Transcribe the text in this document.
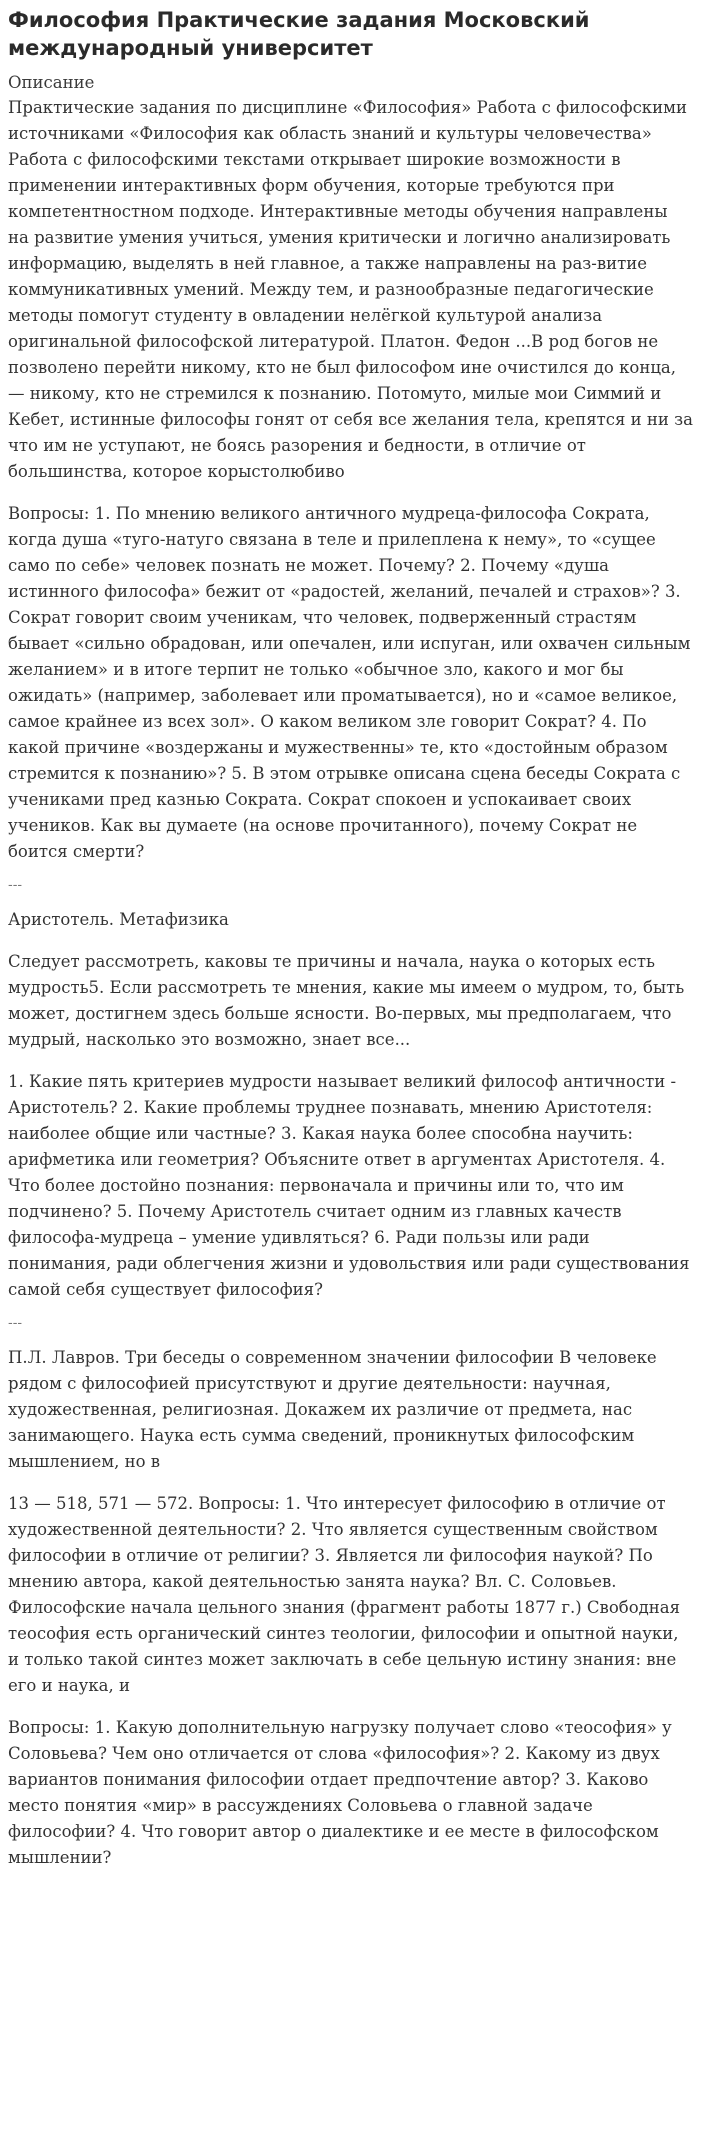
Философия Практические задания Московский международный университет
Описание

Практические задания по дисциплине «Философия» Работа с философскими источниками «Философия как область знаний и культуры человечества» Работа с философскими текстами открывает широкие возможности в применении интерактивных форм обучения, которые требуются при компетентностном подходе. Интерактивные методы обучения направлены на развитие умения учиться, умения критически и логично анализировать информацию, выделять в ней главное, а также направлены на раз-витие коммуникативных умений. Между тем, и разнообразные педагогические методы помогут студенту в овладении нелёгкой культурой анализа оригинальной философской литературой. Платон. Федон ...В род богов не позволено перейти никому, кто не был философом ине очистился до конца, — никому, кто не стремился к познанию. Потомуто, милые мои Симмий и Кебет, истинные философы гонят от себя все желания тела, крепятся и ни за что им не уступают, не боясь разорения и бедности, в отличие от большинства, которое корыстолюбиво

Вопросы: 1. По мнению великого античного мудреца-философа Сократа, когда душа «туго-натуго связана в теле и прилеплена к нему», то «сущее само по себе» человек познать не может. Почему? 2. Почему «душа истинного философа» бежит от «радостей, желаний, печалей и страхов»? 3. Сократ говорит своим ученикам, что человек, подверженный страстям бывает «сильно обрадован, или опечален, или испуган, или охвачен сильным желанием» и в итоге терпит не только «обычное зло, какого и мог бы ожидать» (например, заболевает или проматывается), но и «самое великое, самое крайнее из всех зол». О каком великом зле говорит Сократ? 4. По какой причине «воздержаны и мужественны» те, кто «достойным образом стремится к познанию»? 5. В этом отрывке описана сцена беседы Сократа с учениками пред казнью Сократа. Сократ спокоен и успокаивает своих учеников. Как вы думаете (на основе прочитанного), почему Сократ не боится смерти?

---

Аристотель. Метафизика

Следует рассмотреть, каковы те причины и начала, наука о которых есть мудрость5. Если рассмотреть те мнения, какие мы имеем о мудром, то, быть может, достигнем здесь больше ясности. Во-первых, мы предполагаем, что мудрый, насколько это возможно, знает все...

1. Какие пять критериев мудрости называет великий философ античности - Аристотель? 2. Какие проблемы труднее познавать, мнению Аристотеля: наиболее общие или частные? 3. Какая наука более способна научить: арифметика или геометрия? Объясните ответ в аргументах Аристотеля. 4. Что более достойно познания: первоначала и причины или то, что им подчинено? 5. Почему Аристотель считает одним из главных качеств философа-мудреца – умение удивляться? 6. Ради пользы или ради понимания, ради облегчения жизни и удовольствия или ради существования самой себя существует философия?

---

П.Л. Лавров. Три беседы о современном значении философии В человеке рядом с философией присутствуют и другие деятельности: научная, художественная, религиозная. Докажем их различие от предмета, нас занимающего. Наука есть сумма сведений, проникнутых философским мышлением, но в

13 — 518, 571 — 572. Вопросы: 1. Что интересует философию в отличие от художественной деятельности? 2. Что является существенным свойством философии в отличие от религии? 3. Является ли философия наукой? По мнению автора, какой деятельностью занята наука? Вл. С. Соловьев. Философские начала цельного знания (фрагмент работы 1877 г.) Свободная теософия есть органический синтез теологии, философии и опытной науки, и только такой синтез может заключать в себе цельную истину знания: вне его и наука, и

Вопросы: 1. Какую дополнительную нагрузку получает слово «теософия» у Соловьева? Чем оно отличается от слова «философия»? 2. Какому из двух вариантов понимания философии отдает предпочтение автор? 3. Каково место понятия «мир» в рассуждениях Соловьева о главной задаче философии? 4. Что говорит автор о диалектике и ее месте в философском мышлении?
